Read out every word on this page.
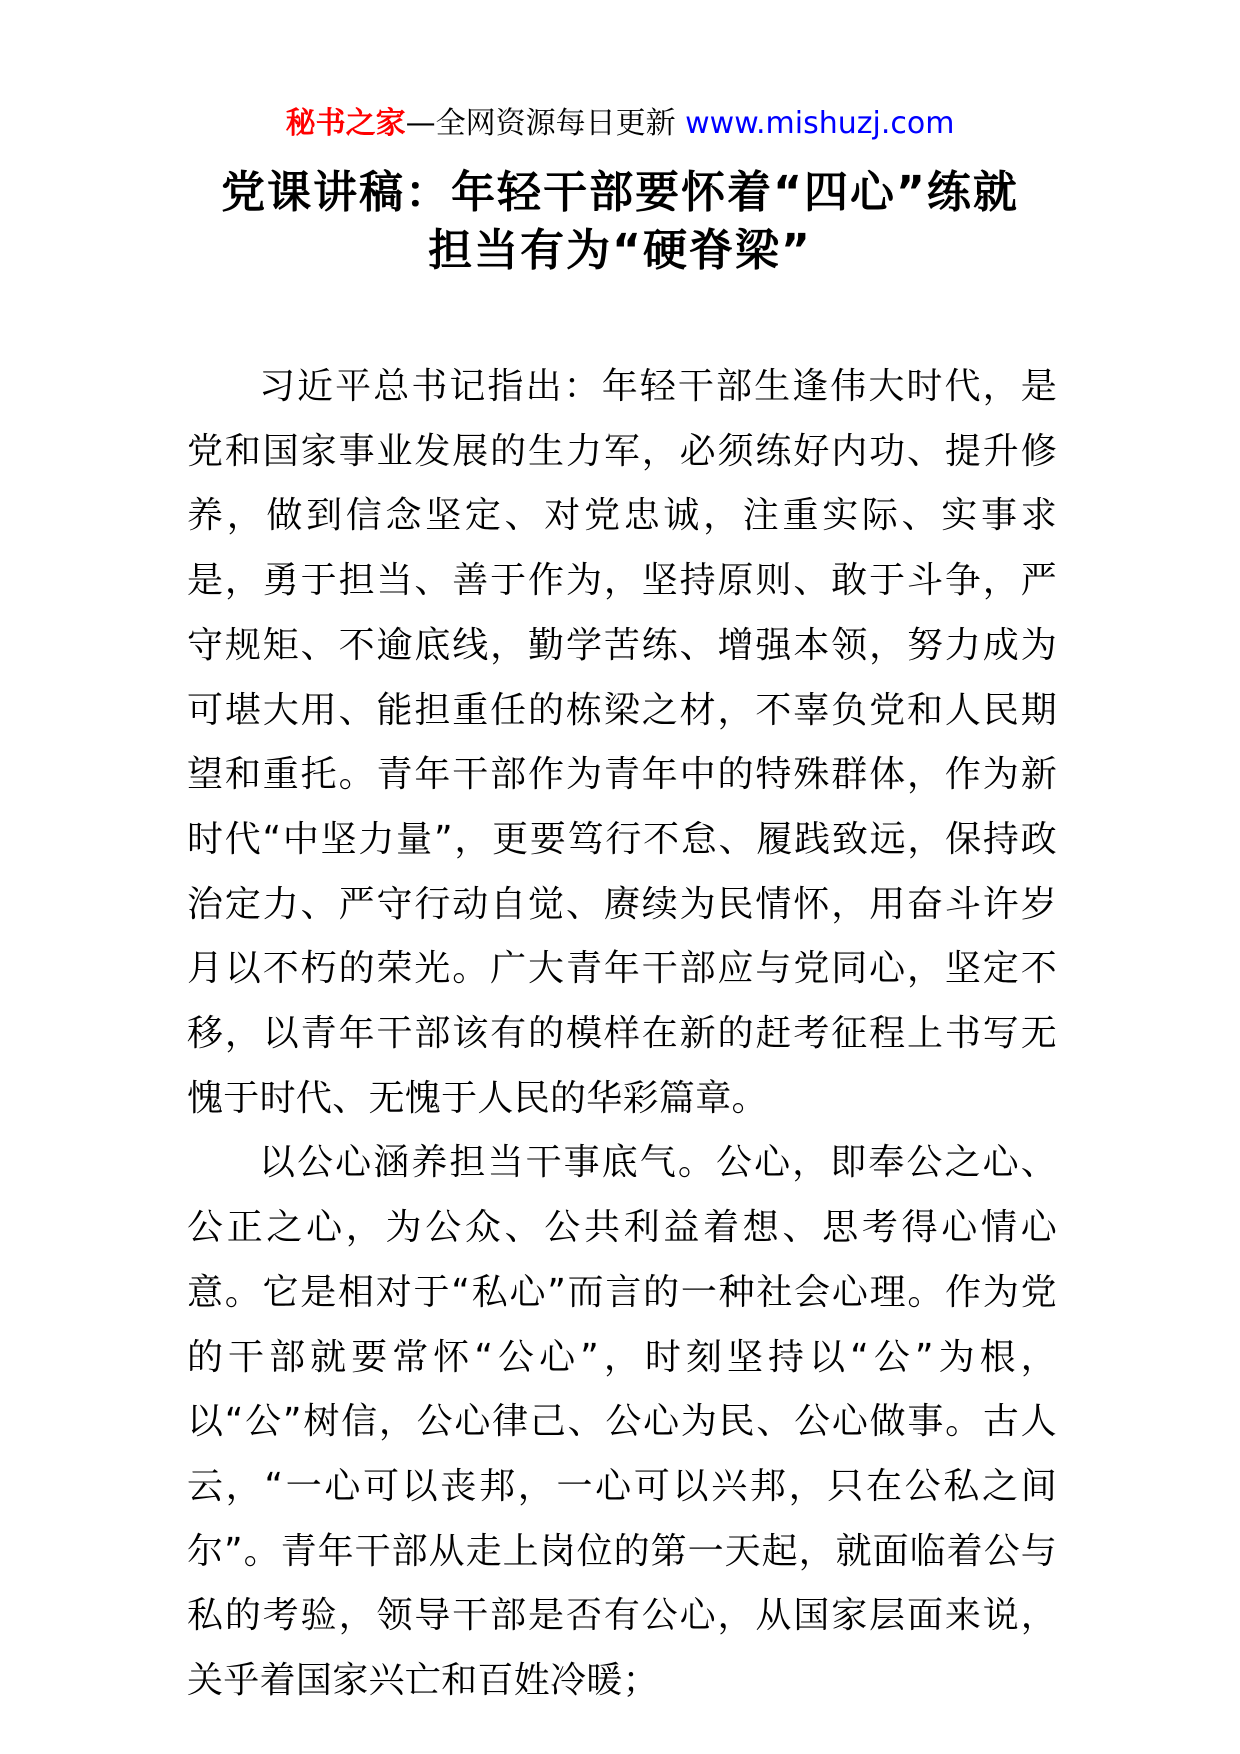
秘书之家—全网资源每日更新 www.mishuzj.com
党课讲稿：年轻干部要怀着“四心”练就
担当有为“硬脊梁”

习近平总书记指出：年轻干部生逢伟大时代，是党和国家事业发展的生力军，必须练好内功、提升修养，做到信念坚定、对党忠诚，注重实际、实事求是，勇于担当、善于作为，坚持原则、敢于斗争，严守规矩、不逾底线，勤学苦练、增强本领，努力成为可堪大用、能担重任的栋梁之材，不辜负党和人民期望和重托。青年干部作为青年中的特殊群体，作为新时代“中坚力量”，更要笃行不怠、履践致远，保持政治定力、严守行动自觉、赓续为民情怀，用奋斗许岁月以不朽的荣光。广大青年干部应与党同心，坚定不移，以青年干部该有的模样在新的赶考征程上书写无愧于时代、无愧于人民的华彩篇章。

以公心涵养担当干事底气。公心，即奉公之心、公正之心，为公众、公共利益着想、思考得心情心意。它是相对于“私心”而言的一种社会心理。作为党的干部就要常怀“公心”，时刻坚持以“公”为根，以“公”树信，公心律己、公心为民、公心做事。古人云，“一心可以丧邦，一心可以兴邦，只在公私之间尔”。青年干部从走上岗位的第一天起，就面临着公与私的考验，领导干部是否有公心，从国家层面来说，关乎着国家兴亡和百姓冷暖；
